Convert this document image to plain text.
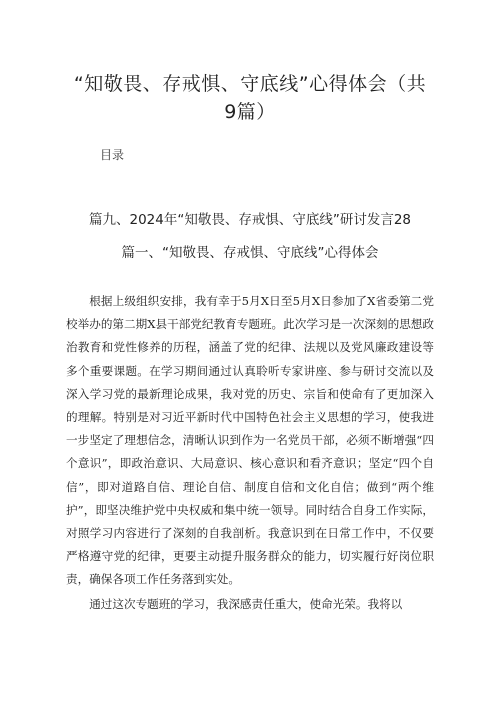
“知敬畏、存戒惧、守底线”心得体会（共9篇）
目录
篇九、2024年“知敬畏、存戒惧、守底线”研讨发言28
篇一、“知敬畏、存戒惧、守底线”心得体会

根据上级组织安排，我有幸于5月X日至5月X日参加了X省委第二党校举办的第二期X县干部党纪教育专题班。此次学习是一次深刻的思想政治教育和党性修养的历程，涵盖了党的纪律、法规以及党风廉政建设等多个重要课题。在学习期间通过认真聆听专家讲座、参与研讨交流以及深入学习党的最新理论成果，我对党的历史、宗旨和使命有了更加深入的理解。特别是对习近平新时代中国特色社会主义思想的学习，使我进一步坚定了理想信念，清晰认识到作为一名党员干部，必须不断增强“四个意识”，即政治意识、大局意识、核心意识和看齐意识；坚定“四个自信”，即对道路自信、理论自信、制度自信和文化自信；做到“两个维护”，即坚决维护党中央权威和集中统一领导。同时结合自身工作实际，对照学习内容进行了深刻的自我剖析。我意识到在日常工作中，不仅要严格遵守党的纪律，更要主动提升服务群众的能力，切实履行好岗位职责，确保各项工作任务落到实处。

通过这次专题班的学习，我深感责任重大，使命光荣。我将以
